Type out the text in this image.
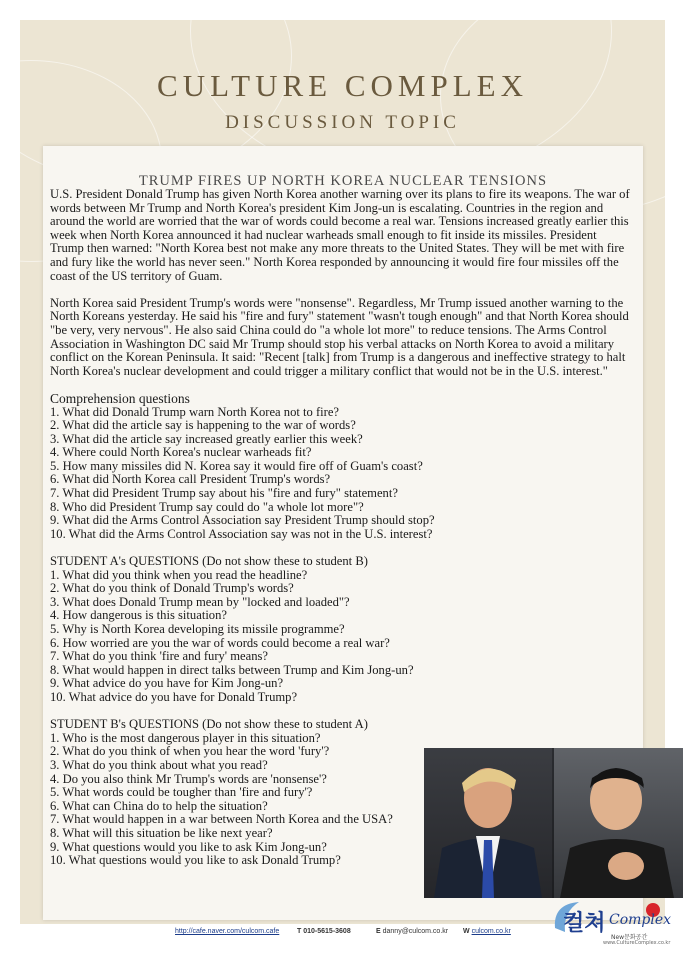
CULTURE COMPLEX
DISCUSSION TOPIC
TRUMP FIRES UP NORTH KOREA NUCLEAR TENSIONS

U.S. President Donald Trump has given North Korea another warning over its plans to fire its weapons. The war of words between Mr Trump and North Korea's president Kim Jong-un is escalating. Countries in the region and around the world are worried that the war of words could become a real war. Tensions increased greatly earlier this week when North Korea announced it had nuclear warheads small enough to fit inside its missiles. President Trump then warned: "North Korea best not make any more threats to the United States. They will be met with fire and fury like the world has never seen." North Korea responded by announcing it would fire four missiles off the coast of the US territory of Guam.

North Korea said President Trump's words were "nonsense". Regardless, Mr Trump issued another warning to the North Koreans yesterday. He said his "fire and fury" statement "wasn't tough enough" and that North Korea should "be very, very nervous". He also said China could do "a whole lot more" to reduce tensions. The Arms Control Association in Washington DC said Mr Trump should stop his verbal attacks on North Korea to avoid a military conflict on the Korean Peninsula. It said: "Recent [talk] from Trump is a dangerous and ineffective strategy to halt North Korea's nuclear development and could trigger a military conflict that would not be in the U.S. interest."

Comprehension questions
1. What did Donald Trump warn North Korea not to fire?
2. What did the article say is happening to the war of words?
3. What did the article say increased greatly earlier this week?
4. Where could North Korea's nuclear warheads fit?
5. How many missiles did N. Korea say it would fire off of Guam's coast?
6. What did North Korea call President Trump's words?
7. What did President Trump say about his "fire and fury" statement?
8. Who did President Trump say could do "a whole lot more"?
9. What did the Arms Control Association say President Trump should stop?
10. What did the Arms Control Association say was not in the U.S. interest?
STUDENT A's QUESTIONS (Do not show these to student B)
1. What did you think when you read the headline?
2. What do you think of Donald Trump's words?
3. What does Donald Trump mean by "locked and loaded"?
4. How dangerous is this situation?
5. Why is North Korea developing its missile programme?
6. How worried are you the war of words could become a real war?
7. What do you think 'fire and fury' means?
8. What would happen in direct talks between Trump and Kim Jong-un?
9. What advice do you have for Kim Jong-un?
10. What advice do you have for Donald Trump?
STUDENT B's QUESTIONS (Do not show these to student A)
1. Who is the most dangerous player in this situation?
2. What do you think of when you hear the word 'fury'?
3. What do you think about what you read?
4. Do you also think Mr Trump's words are 'nonsense'?
5. What words could be tougher than 'fire and fury'?
6. What can China do to help the situation?
7. What would happen in a war between North Korea and the USA?
8. What will this situation be like next year?
9. What questions would you like to ask Kim Jong-un?
10. What questions would you like to ask Donald Trump?
http://cafe.naver.com/culcom.cafe	T 010-5615-3608	E danny@culcom.co.kr W culcom.co.kr 컬쳐 Complex
New문화공간
www.CultureComplex.co.kr
